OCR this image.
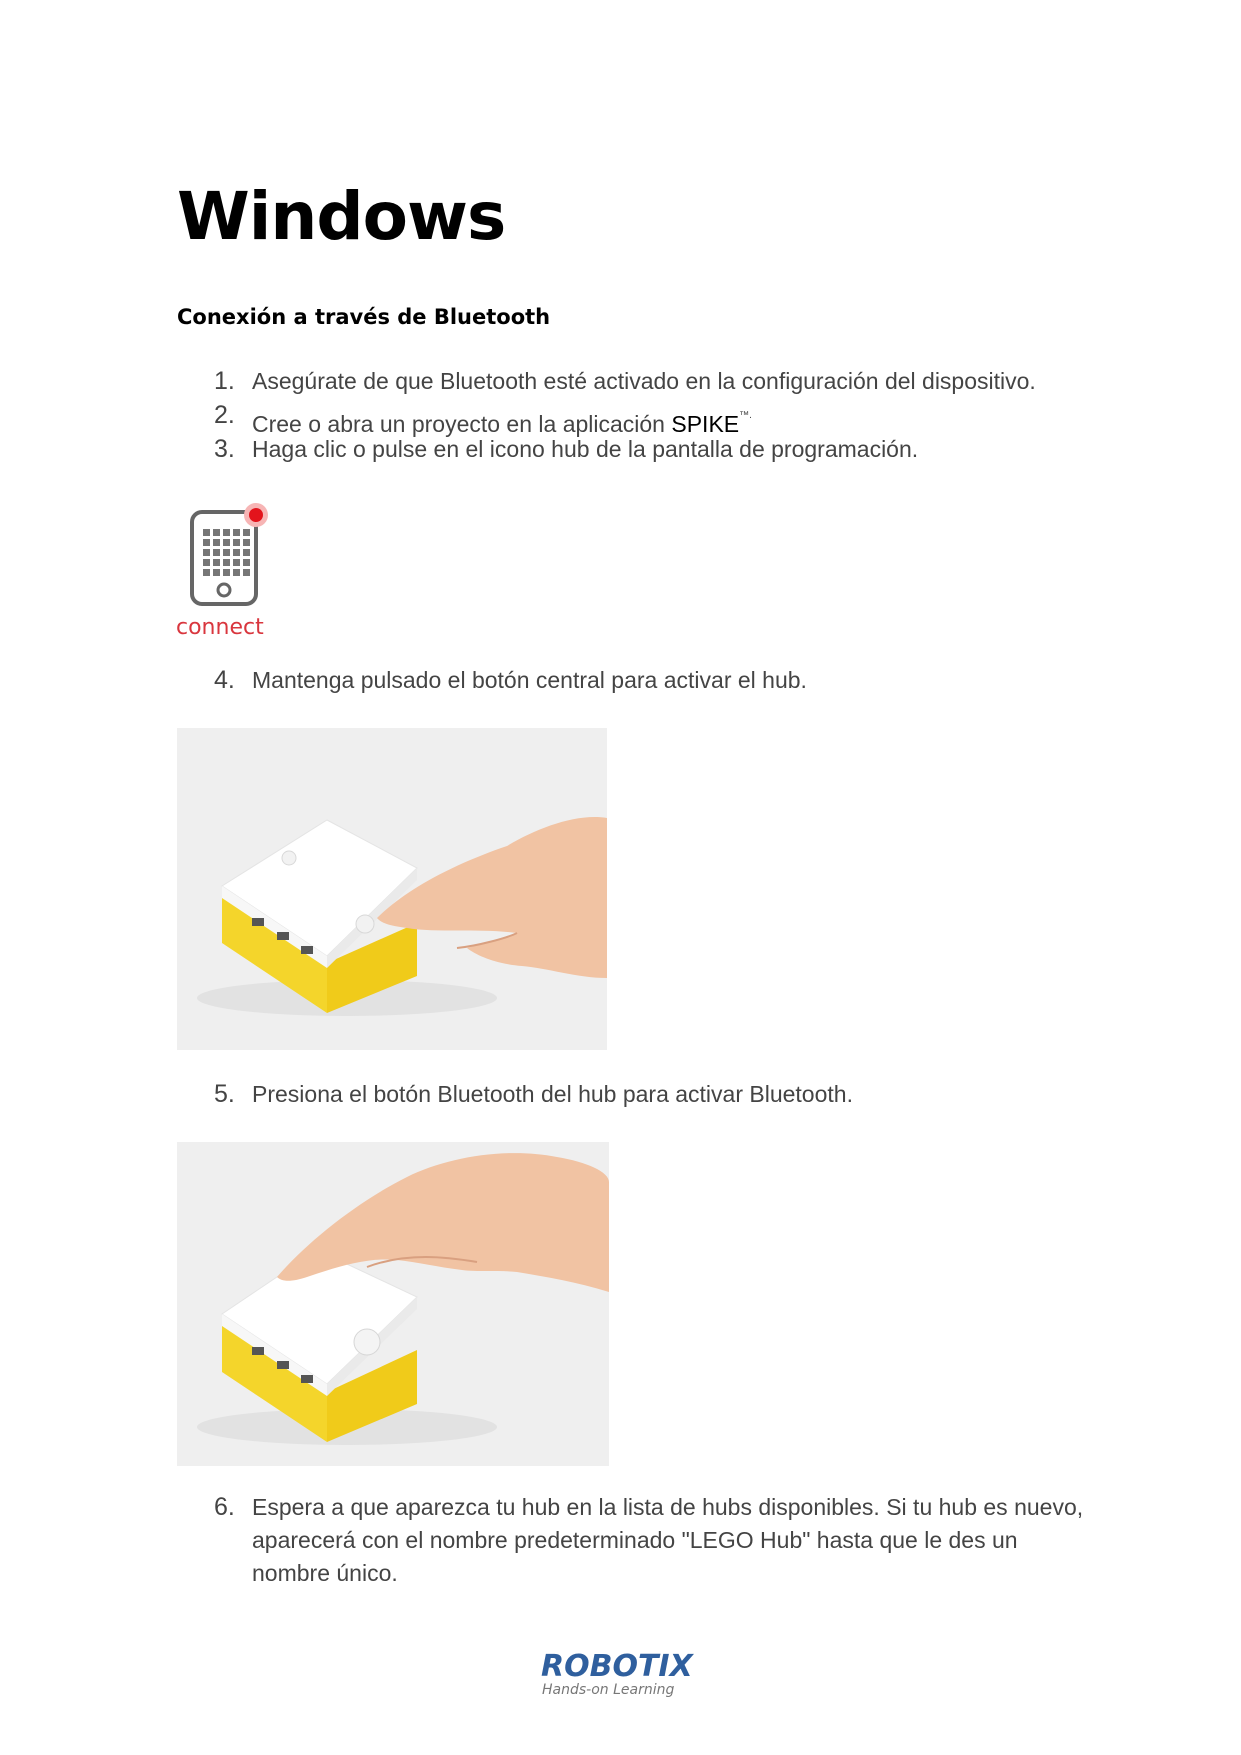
Windows
Conexión a través de Bluetooth
1. Asegúrate de que Bluetooth esté activado en la configuración del dispositivo.
2. Cree o abra un proyecto en la aplicación SPIKE™.
3. Haga clic o pulse en el icono hub de la pantalla de programación.
connect
4. Mantenga pulsado el botón central para activar el hub.
5. Presiona el botón Bluetooth del hub para activar Bluetooth.
6. Espera a que aparezca tu hub en la lista de hubs disponibles. Si tu hub es nuevo, aparecerá con el nombre predeterminado "LEGO Hub" hasta que le des un nombre único.
ROBOTIX
Hands-on Learning
